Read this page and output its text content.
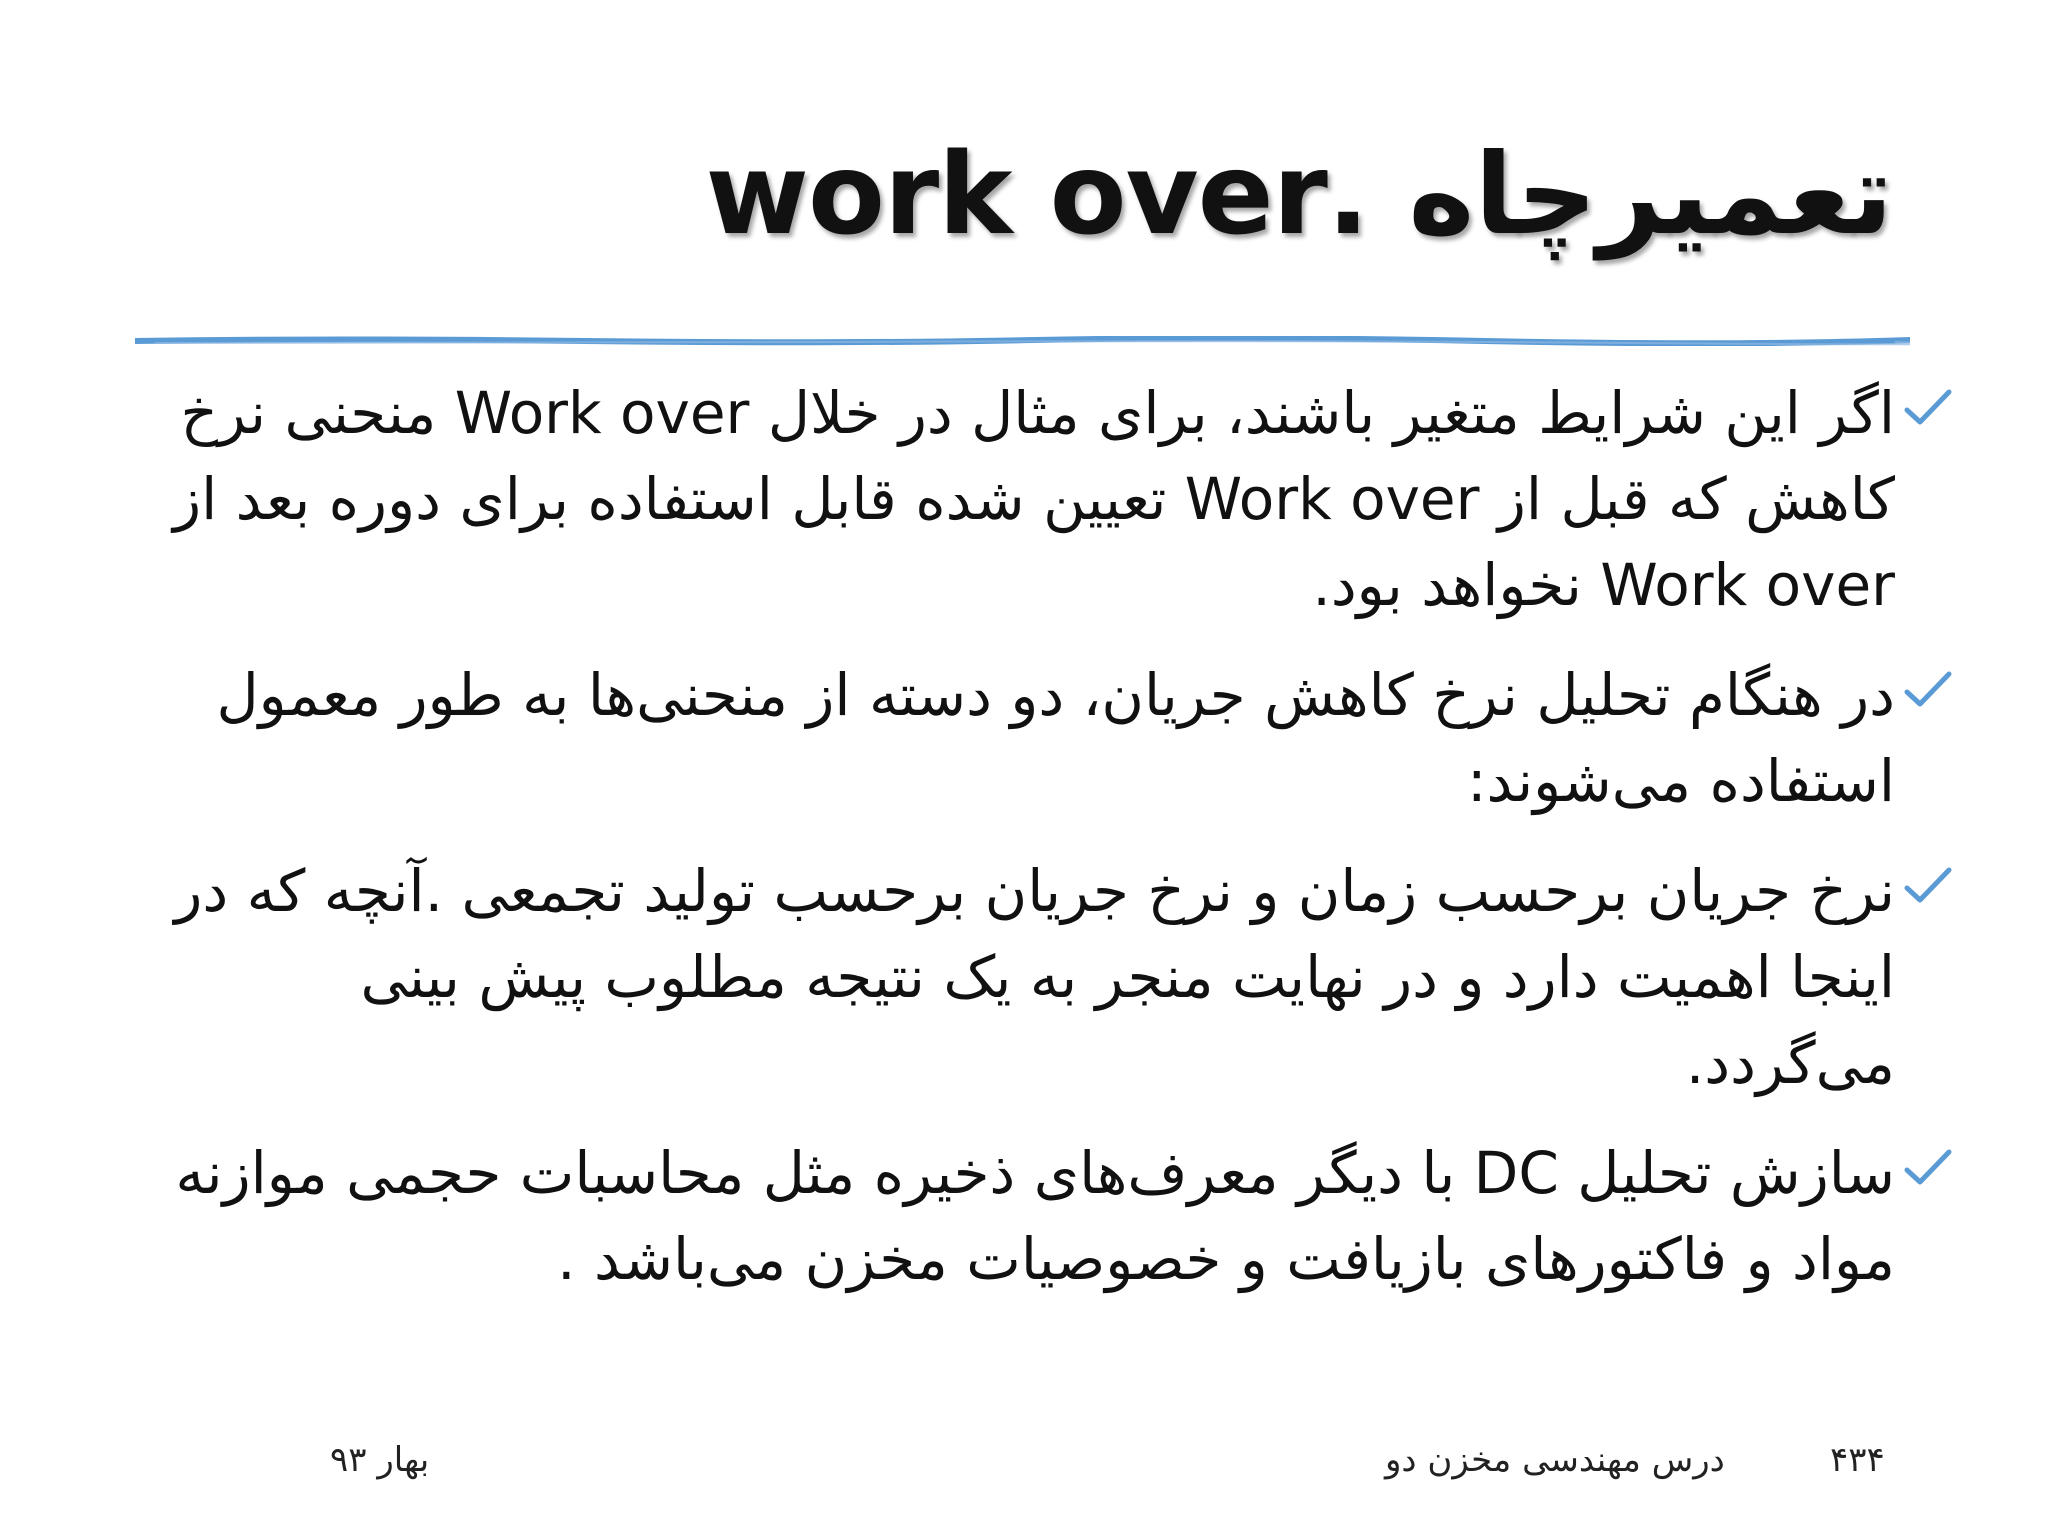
تعمیرچاه .work over
اگر این شرایط متغیر باشند، برای مثال در خلال Work over منحنی نرخ کاهش که قبل از Work over تعیین شده قابل استفاده برای دوره بعد از Work over نخواهد بود.
در هنگام تحلیل نرخ کاهش جریان، دو دسته از منحنی‌ها به طور معمول استفاده می‌شوند:
نرخ جریان برحسب زمان و نرخ جریان برحسب تولید تجمعی .آنچه که در اینجا اهمیت دارد و در نهایت منجر به یک نتیجه مطلوب پیش بینی می‌گردد.
سازش تحلیل DC با دیگر معرف‌های ذخیره مثل محاسبات حجمی موازنه مواد و فاکتورهای بازیافت و خصوصیات مخزن می‌باشد .
بهار ۹۳	درس مهندسی مخزن دو	۴۳۴
